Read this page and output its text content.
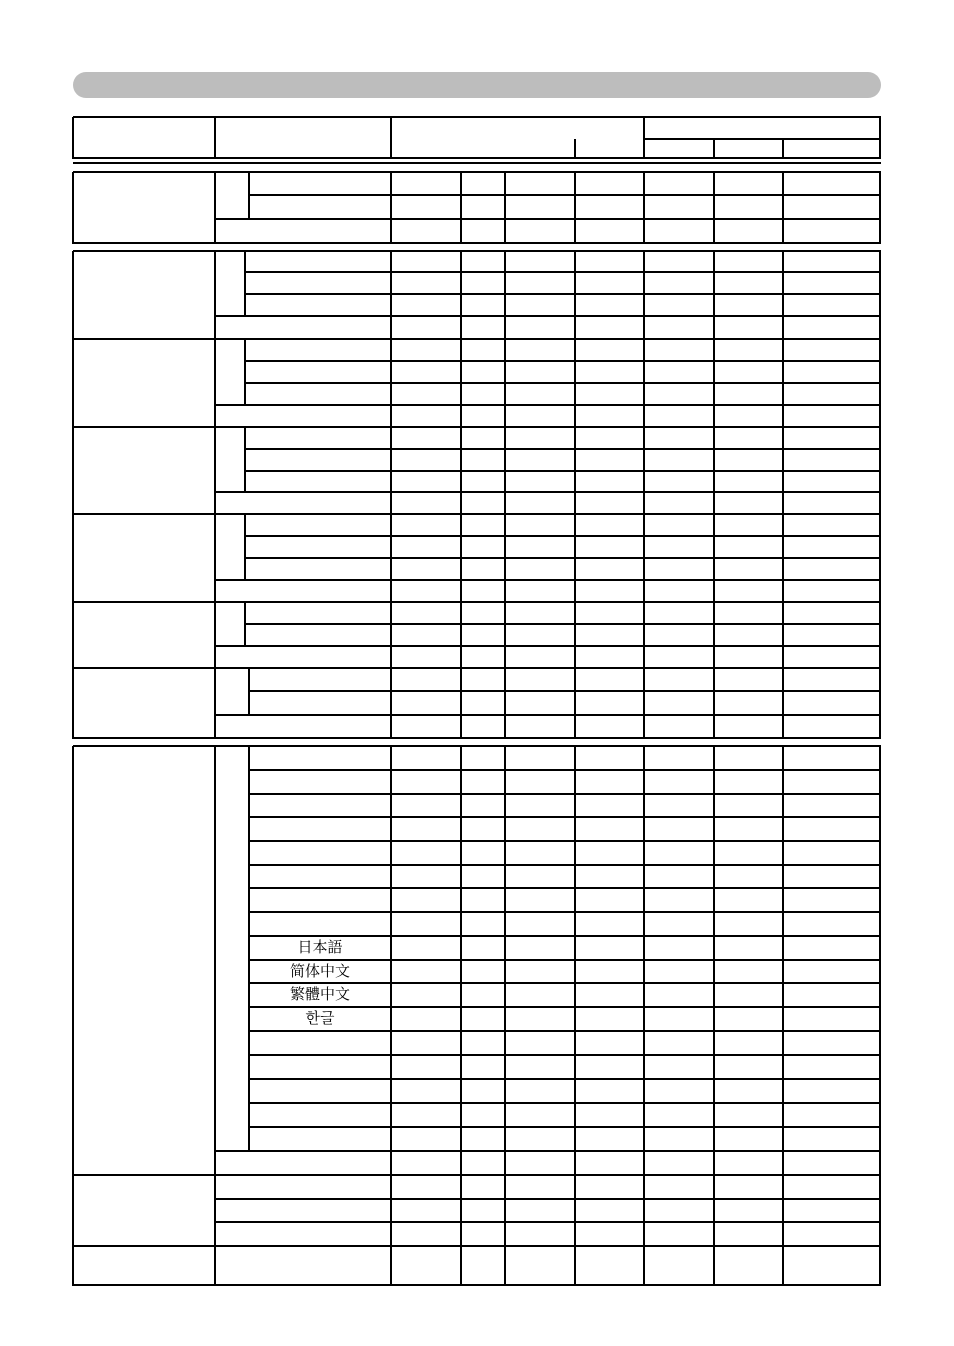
日本語
简体中文
繁體中文
한글
